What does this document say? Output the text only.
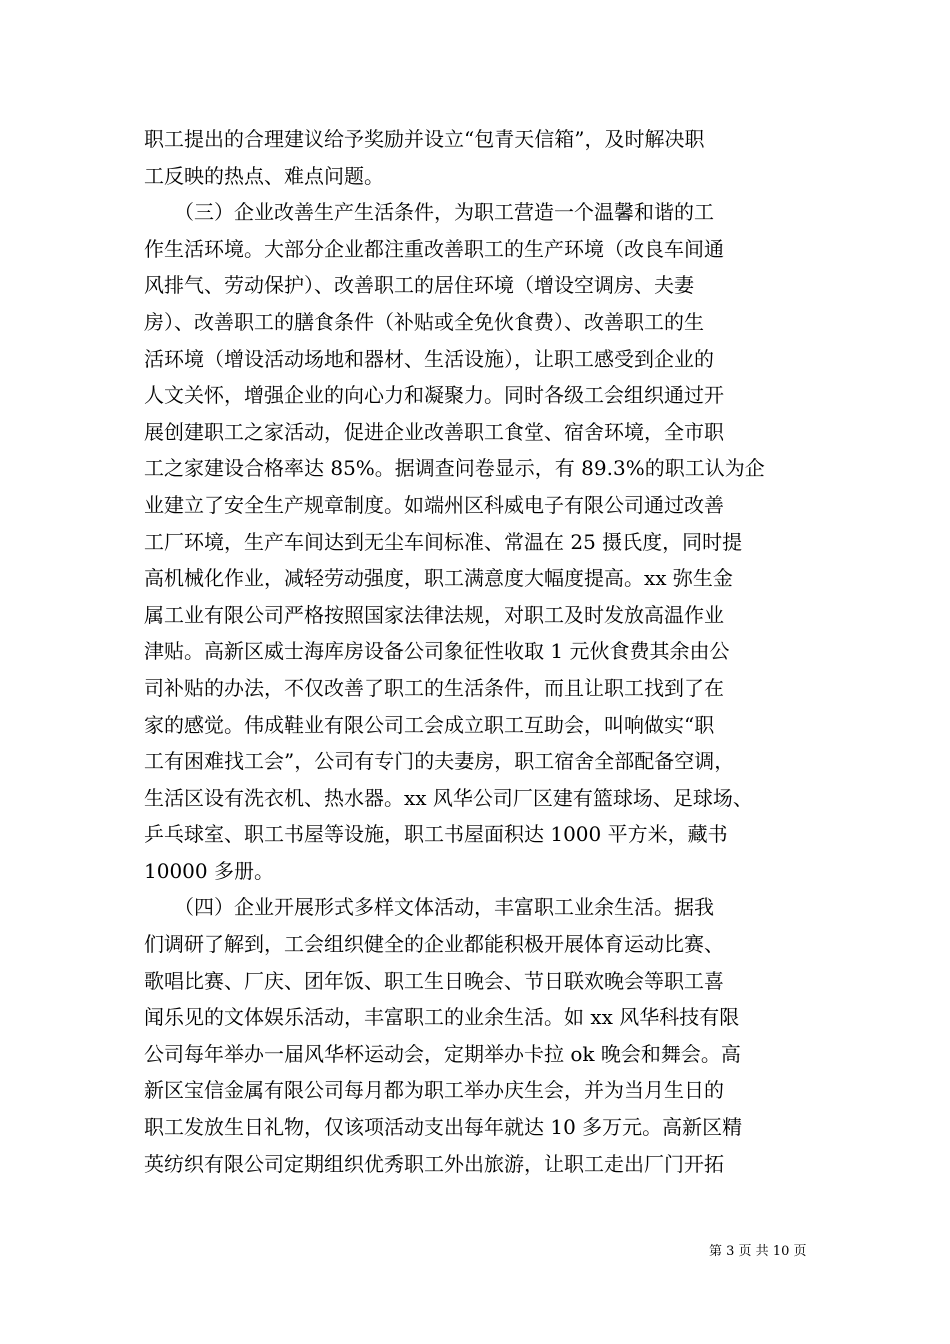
职工提出的合理建议给予奖励并设立“包青天信箱”，及时解决职
工反映的热点、难点问题。
　　（三）企业改善生产生活条件，为职工营造一个温馨和谐的工
作生活环境。大部分企业都注重改善职工的生产环境（改良车间通
风排气、劳动保护）、改善职工的居住环境（增设空调房、夫妻
房）、改善职工的膳食条件（补贴或全免伙食费）、改善职工的生
活环境（增设活动场地和器材、生活设施），让职工感受到企业的
人文关怀，增强企业的向心力和凝聚力。同时各级工会组织通过开
展创建职工之家活动，促进企业改善职工食堂、宿舍环境，全市职
工之家建设合格率达 85%。据调查问卷显示，有 89.3%的职工认为企
业建立了安全生产规章制度。如端州区科威电子有限公司通过改善
工厂环境，生产车间达到无尘车间标准、常温在 25 摄氏度，同时提
高机械化作业，减轻劳动强度，职工满意度大幅度提高。xx 弥生金
属工业有限公司严格按照国家法律法规，对职工及时发放高温作业
津贴。高新区威士海库房设备公司象征性收取 1 元伙食费其余由公
司补贴的办法，不仅改善了职工的生活条件，而且让职工找到了在
家的感觉。伟成鞋业有限公司工会成立职工互助会，叫响做实“职
工有困难找工会”，公司有专门的夫妻房，职工宿舍全部配备空调，
生活区设有洗衣机、热水器。xx 风华公司厂区建有篮球场、足球场、
乒乓球室、职工书屋等设施，职工书屋面积达 1000 平方米，藏书
10000 多册。
　　（四）企业开展形式多样文体活动，丰富职工业余生活。据我
们调研了解到，工会组织健全的企业都能积极开展体育运动比赛、
歌唱比赛、厂庆、团年饭、职工生日晚会、节日联欢晚会等职工喜
闻乐见的文体娱乐活动，丰富职工的业余生活。如 xx 风华科技有限
公司每年举办一届风华杯运动会，定期举办卡拉 ok 晚会和舞会。高
新区宝信金属有限公司每月都为职工举办庆生会，并为当月生日的
职工发放生日礼物，仅该项活动支出每年就达 10 多万元。高新区精
英纺织有限公司定期组织优秀职工外出旅游，让职工走出厂门开拓
第 3 页 共 10 页
